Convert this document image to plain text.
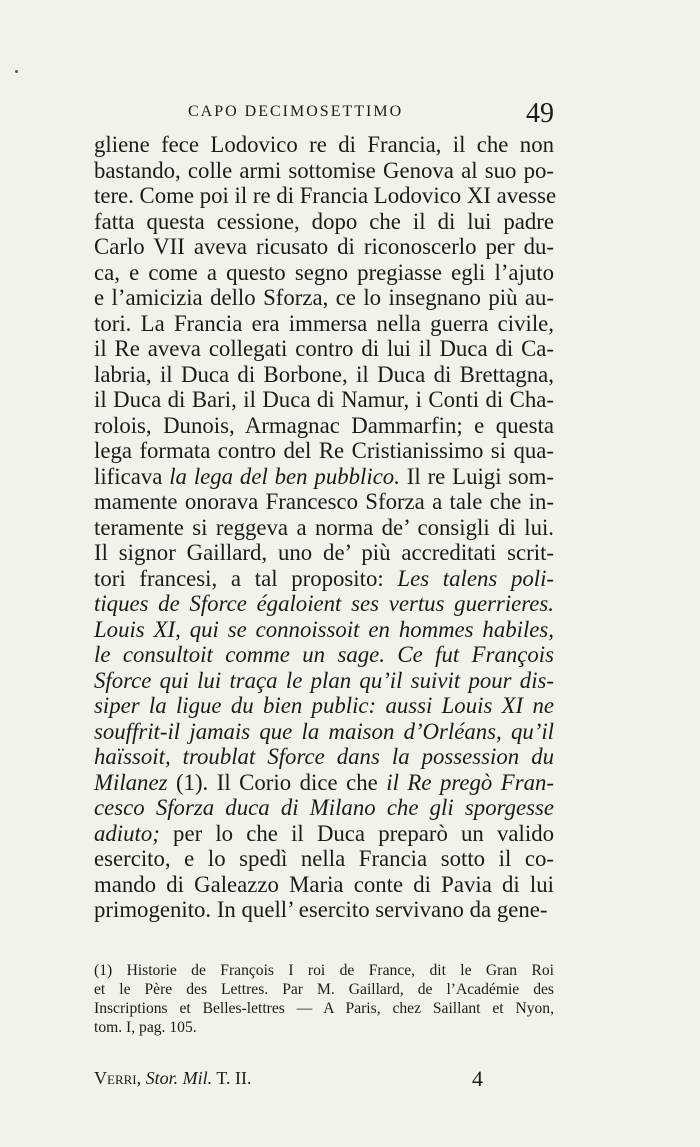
CAPO DECIMOSETTIMO	49
gliene fece Lodovico re di Francia, il che non
bastando, colle armi sottomise Genova al suo po-
tere. Come poi il re di Francia Lodovico XI avesse
fatta questa cessione, dopo che il di lui padre
Carlo VII aveva ricusato di riconoscerlo per du-
ca, e come a questo segno pregiasse egli l’ajuto
e l’amicizia dello Sforza, ce lo insegnano più au-
tori. La Francia era immersa nella guerra civile,
il Re aveva collegati contro di lui il Duca di Ca-
labria, il Duca di Borbone, il Duca di Brettagna,
il Duca di Bari, il Duca di Namur, i Conti di Cha-
rolois, Dunois, Armagnac Dammarfin; e questa
lega formata contro del Re Cristianissimo si qua-
lificava la lega del ben pubblico. Il re Luigi som-
mamente onorava Francesco Sforza a tale che in-
teramente si reggeva a norma de’ consigli di lui.
Il signor Gaillard, uno de’ più accreditati scrit-
tori francesi, a tal proposito: Les talens poli-
tiques de Sforce égaloient ses vertus guerrieres.
Louis XI, qui se connoissoit en hommes habiles,
le consultoit comme un sage. Ce fut François
Sforce qui lui traça le plan qu’il suivit pour dis-
siper la ligue du bien public: aussi Louis XI ne
souffrit-il jamais que la maison d’Orléans, qu’il
haïssoit, troublat Sforce dans la possession du
Milanez (1). Il Corio dice che il Re pregò Fran-
cesco Sforza duca di Milano che gli sporgesse
adiuto; per lo che il Duca preparò un valido
esercito, e lo spedì nella Francia sotto il co-
mando di Galeazzo Maria conte di Pavia di lui
primogenito. In quell’ esercito servivano da gene-
(1) Historie de François I roi de France, dit le Gran Roi
et le Père des Lettres. Par M. Gaillard, de l’Académie des
Inscriptions et Belles-lettres — A Paris, chez Saillant et Nyon,
tom. I, pag. 105.
Verri, Stor. Mil. T. II.	4
